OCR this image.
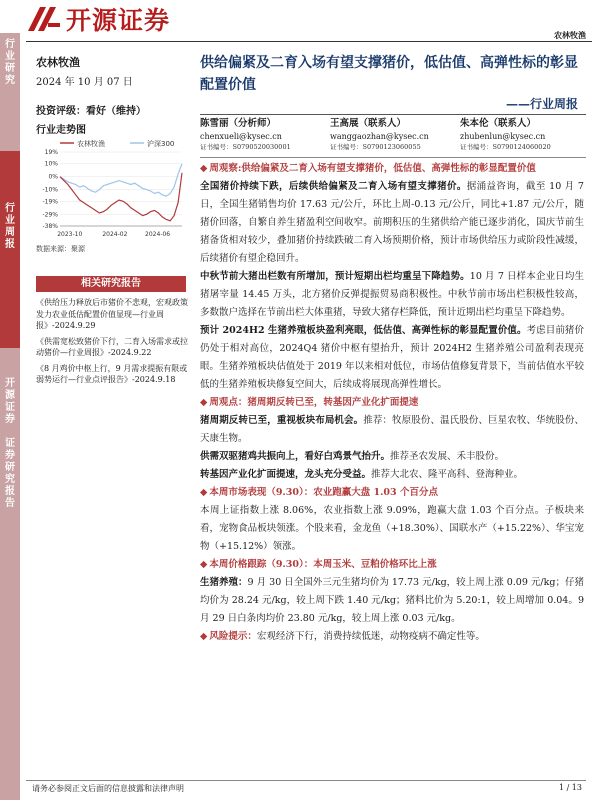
开源证券	农林牧渔
行
业
研
究
行
业
周
报
开
源
证
券

证
券
研
究
报
告
农林牧渔
2024 年 10 月 07 日
投资评级：看好（维持）
行业走势图
农林牧渔	沪深300
19%
10%
0%
-10%
-19%
-29%
-38%
2023-10	2024-02	2024-06
数据来源：聚源
相关研究报告
《供给压力释放后市猪价不悲观，宏观政策发力农业低估配置价值显现—行业周报》-2024.9.29
《供需宽松致猪价下行，二育入场需求或拉动猪价—行业周报》-2024.9.22
《8 月鸡价中枢上行，9 月需求提振有限或弱势运行—行业点评报告》-2024.9.18
供给偏紧及二育入场有望支撑猪价，低估值、高弹性标的彰显配置价值
——行业周报
陈雪丽（分析师）
chenxueli@kysec.cn
证书编号：S0790520030001
王高展（联系人）
wanggaozhan@kysec.cn
证书编号：S0790123060055
朱本伦（联系人）
zhubenlun@kysec.cn
证书编号：S0790124060020
◆ 周观察:供给偏紧及二育入场有望支撑猪价，低估值、高弹性标的彰显配置价值
全国猪价持续下跌，后续供给偏紧及二育入场有望支撑猪价。据涌益咨询，截至 10 月 7 日，全国生猪销售均价 17.63 元/公斤，环比上周-0.13 元/公斤，同比+1.87 元/公斤，随猪价回落，自繁自养生猪盈利空间收窄。前期积压的生猪供给产能已逐步消化，国庆节前生猪备货相对较少，叠加猪价持续跌破二育入场预期价格，预计市场供给压力或阶段性减缓，后续猪价有望企稳回升。
中秋节前大猪出栏数有所增加，预计短期出栏均重呈下降趋势。10 月 7 日样本企业日均生猪屠宰量 14.45 万头，北方猪价反弹提振贸易商积极性。中秋节前市场出栏积极性较高，多数散户选择在节前出栏大体重猪，导致大猪存栏降低，预计近期出栏均重呈下降趋势。
预计 2024H2 生猪养殖板块盈利亮眼，低估值、高弹性标的彰显配置价值。考虑目前猪价仍处于相对高位，2024Q4 猪价中枢有望抬升，预计 2024H2 生猪养殖公司盈利表现亮眼。生猪养殖板块估值处于 2019 年以来相对低位，市场估值修复背景下，当前估值水平较低的生猪养殖板块修复空间大，后续成将展现高弹性增长。
◆ 周观点：猪周期反转已至，转基因产业化扩面提速
猪周期反转已至，重视板块布局机会。推荐：牧原股份、温氏股份、巨星农牧、华统股份、天康生物。
供需双驱猪鸡共振向上，看好白鸡景气抬升。推荐圣农发展、禾丰股份。
转基因产业化扩面提速，龙头充分受益。推荐大北农、隆平高科、登海种业。
◆ 本周市场表现（9.30）：农业跑赢大盘 1.03 个百分点
本周上证指数上涨 8.06%，农业指数上涨 9.09%，跑赢大盘 1.03 个百分点。子板块来看，宠物食品板块领涨。个股来看，金龙鱼（+18.30%）、国联水产（+15.22%）、华宝宠物（+15.12%）领涨。
◆ 本周价格跟踪（9.30）：本周玉米、豆粕价格环比上涨
生猪养殖：9 月 30 日全国外三元生猪均价为 17.73 元/kg，较上周上涨 0.09 元/kg；仔猪均价为 28.24 元/kg，较上周下跌 1.40 元/kg；猪料比价为 5.20:1，较上周增加 0.04。9 月 29 日白条肉均价 23.80 元/kg，较上周上涨 0.03 元/kg。
◆ 风险提示：宏观经济下行，消费持续低迷，动物疫病不确定性等。
请务必参阅正文后面的信息披露和法律声明	1 / 13
